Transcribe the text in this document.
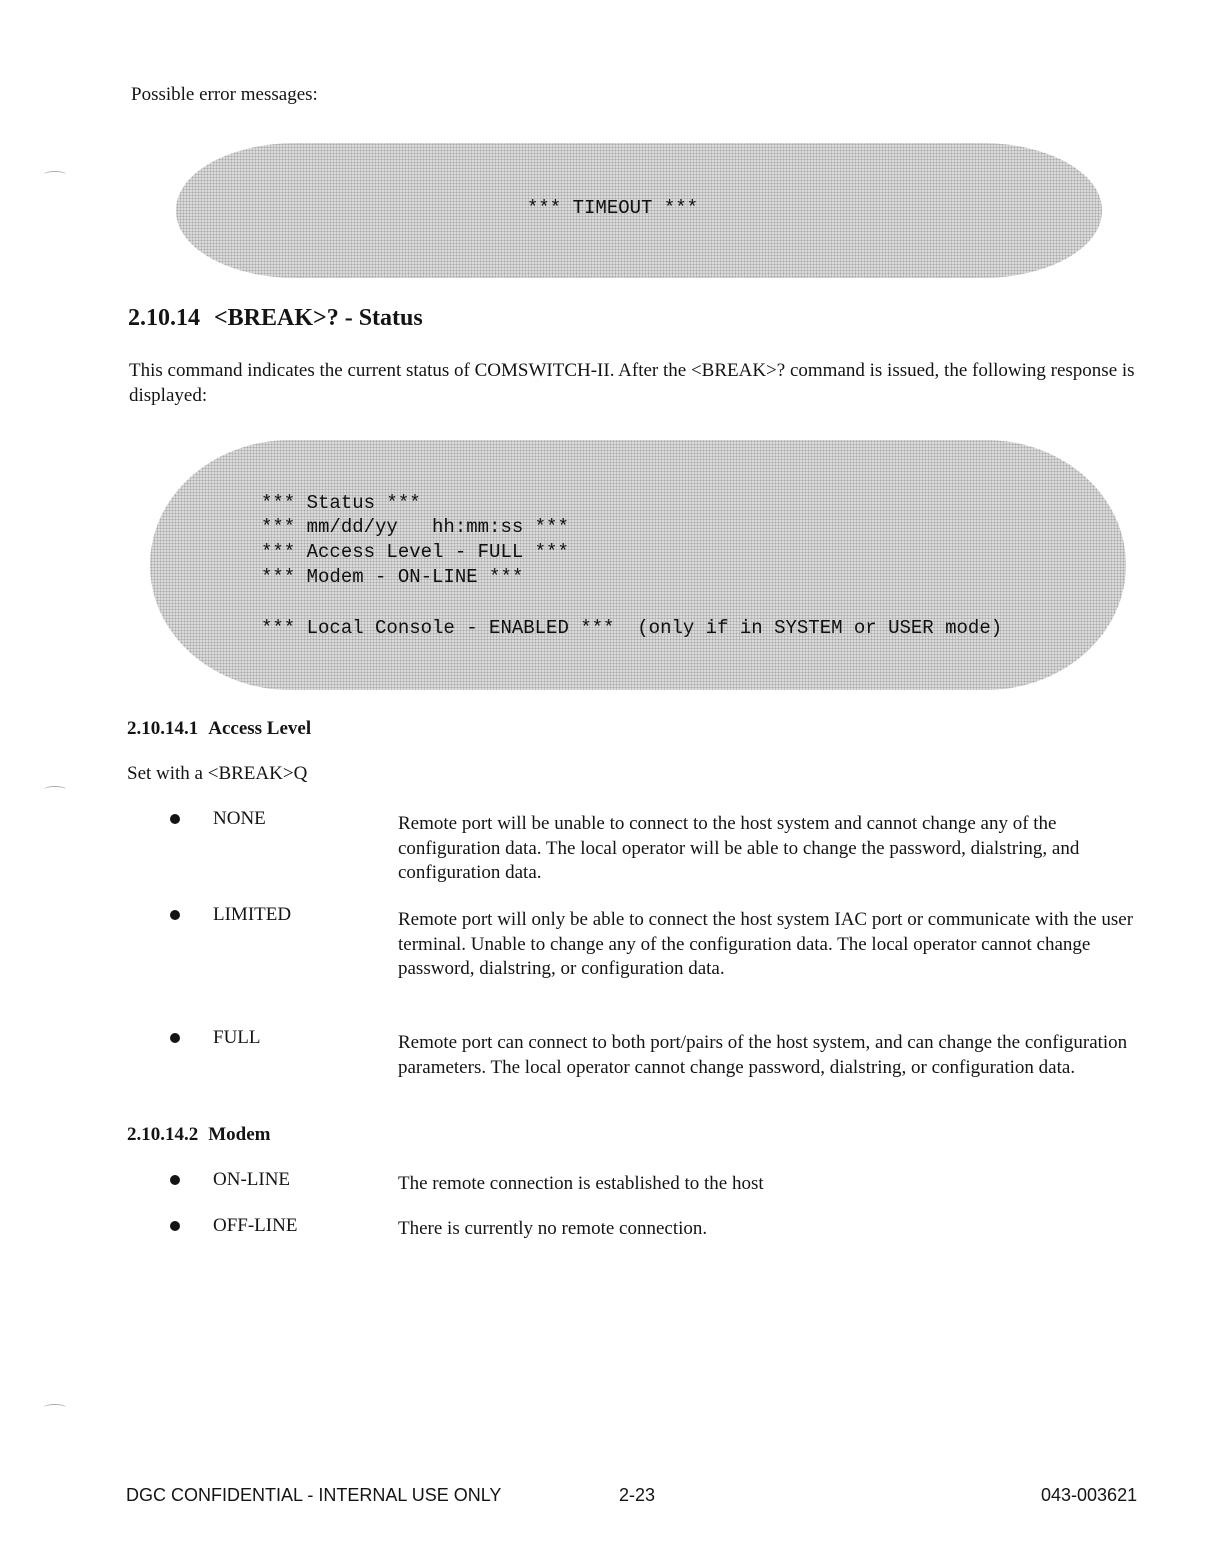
Possible error messages:
*** TIMEOUT ***
2.10.14 <BREAK>? - Status
This command indicates the current status of COMSWITCH-II. After the <BREAK>? command is issued, the following response is displayed:
*** Status ***
*** mm/dd/yy   hh:mm:ss ***
*** Access Level - FULL ***
*** Modem - ON-LINE ***
*** Local Console - ENABLED ***  (only if in SYSTEM or USER mode)
2.10.14.1 Access Level
Set with a <BREAK>Q
NONE	Remote port will be unable to connect to the host system and cannot change any of the configuration data. The local operator will be able to change the password, dialstring, and configuration data.
LIMITED	Remote port will only be able to connect the host system IAC port or communicate with the user terminal. Unable to change any of the configuration data. The local operator cannot change password, dialstring, or configuration data.
FULL	Remote port can connect to both port/pairs of the host system, and can change the configuration parameters. The local operator cannot change password, dialstring, or configuration data.
2.10.14.2 Modem
ON-LINE	The remote connection is established to the host
OFF-LINE	There is currently no remote connection.
DGC CONFIDENTIAL - INTERNAL USE ONLY	2-23	043-003621
